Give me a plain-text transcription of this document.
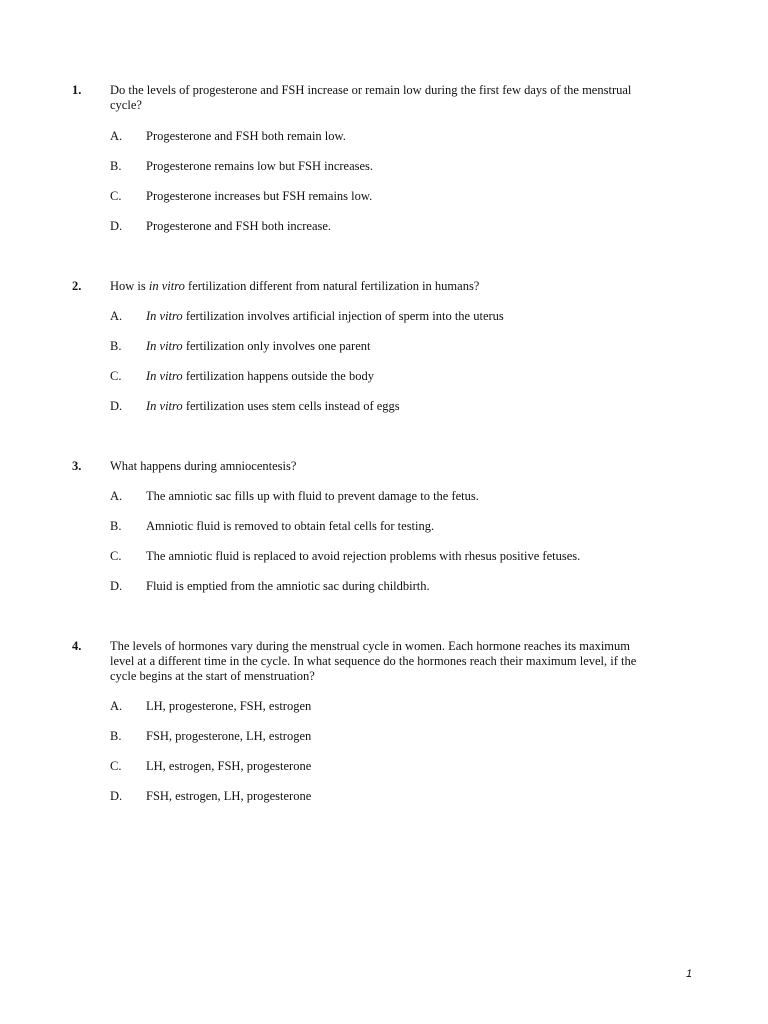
1. Do the levels of progesterone and FSH increase or remain low during the first few days of the menstrual cycle?
A. Progesterone and FSH both remain low.
B. Progesterone remains low but FSH increases.
C. Progesterone increases but FSH remains low.
D. Progesterone and FSH both increase.
2. How is in vitro fertilization different from natural fertilization in humans?
A. In vitro fertilization involves artificial injection of sperm into the uterus
B. In vitro fertilization only involves one parent
C. In vitro fertilization happens outside the body
D. In vitro fertilization uses stem cells instead of eggs
3. What happens during amniocentesis?
A. The amniotic sac fills up with fluid to prevent damage to the fetus.
B. Amniotic fluid is removed to obtain fetal cells for testing.
C. The amniotic fluid is replaced to avoid rejection problems with rhesus positive fetuses.
D. Fluid is emptied from the amniotic sac during childbirth.
4. The levels of hormones vary during the menstrual cycle in women. Each hormone reaches its maximum level at a different time in the cycle. In what sequence do the hormones reach their maximum level, if the cycle begins at the start of menstruation?
A. LH, progesterone, FSH, estrogen
B. FSH, progesterone, LH, estrogen
C. LH, estrogen, FSH, progesterone
D. FSH, estrogen, LH, progesterone
1
